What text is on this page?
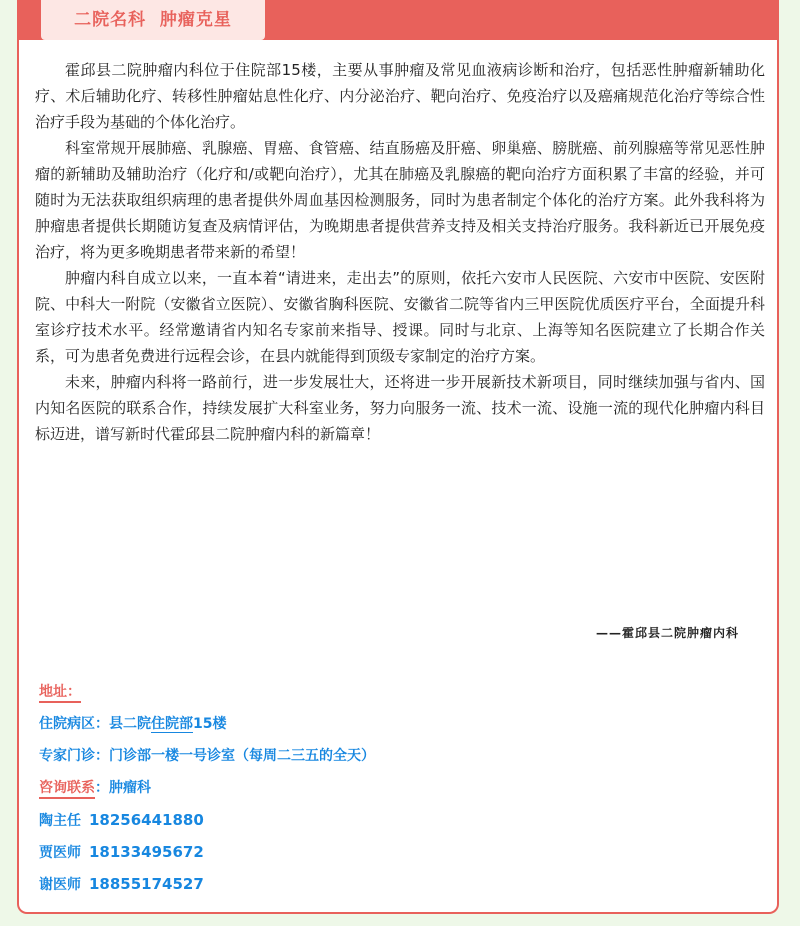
二院名科  肿瘤克星

霍邱县二院肿瘤内科位于住院部15楼，主要从事肿瘤及常见血液病诊断和治疗，包括恶性肿瘤新辅助化疗、术后辅助化疗、转移性肿瘤姑息性化疗、内分泌治疗、靶向治疗、免疫治疗以及癌痛规范化治疗等综合性治疗手段为基础的个体化治疗。

科室常规开展肺癌、乳腺癌、胃癌、食管癌、结直肠癌及肝癌、卵巢癌、膀胱癌、前列腺癌等常见恶性肿瘤的新辅助及辅助治疗（化疗和/或靶向治疗），尤其在肺癌及乳腺癌的靶向治疗方面积累了丰富的经验，并可随时为无法获取组织病理的患者提供外周血基因检测服务，同时为患者制定个体化的治疗方案。此外我科将为肿瘤患者提供长期随访复查及病情评估，为晚期患者提供营养支持及相关支持治疗服务。我科新近已开展免疫治疗，将为更多晚期患者带来新的希望！

肿瘤内科自成立以来，一直本着“请进来，走出去”的原则，依托六安市人民医院、六安市中医院、安医附院、中科大一附院（安徽省立医院）、安徽省胸科医院、安徽省二院等省内三甲医院优质医疗平台，全面提升科室诊疗技术水平。经常邀请省内知名专家前来指导、授课。同时与北京、上海等知名医院建立了长期合作关系，可为患者免费进行远程会诊，在县内就能得到顶级专家制定的治疗方案。

未来，肿瘤内科将一路前行，进一步发展壮大，还将进一步开展新技术新项目，同时继续加强与省内、国内知名医院的联系合作，持续发展扩大科室业务，努力向服务一流、技术一流、设施一流的现代化肿瘤内科目标迈进，谱写新时代霍邱县二院肿瘤内科的新篇章！

——霍邱县二院肿瘤内科
地址：
住院病区：县二院住院部15楼
专家门诊：门诊部一楼一号诊室（每周二三五的全天）
咨询联系：肿瘤科
陶主任 18256441880
贾医师 18133495672
谢医师 18855174527
